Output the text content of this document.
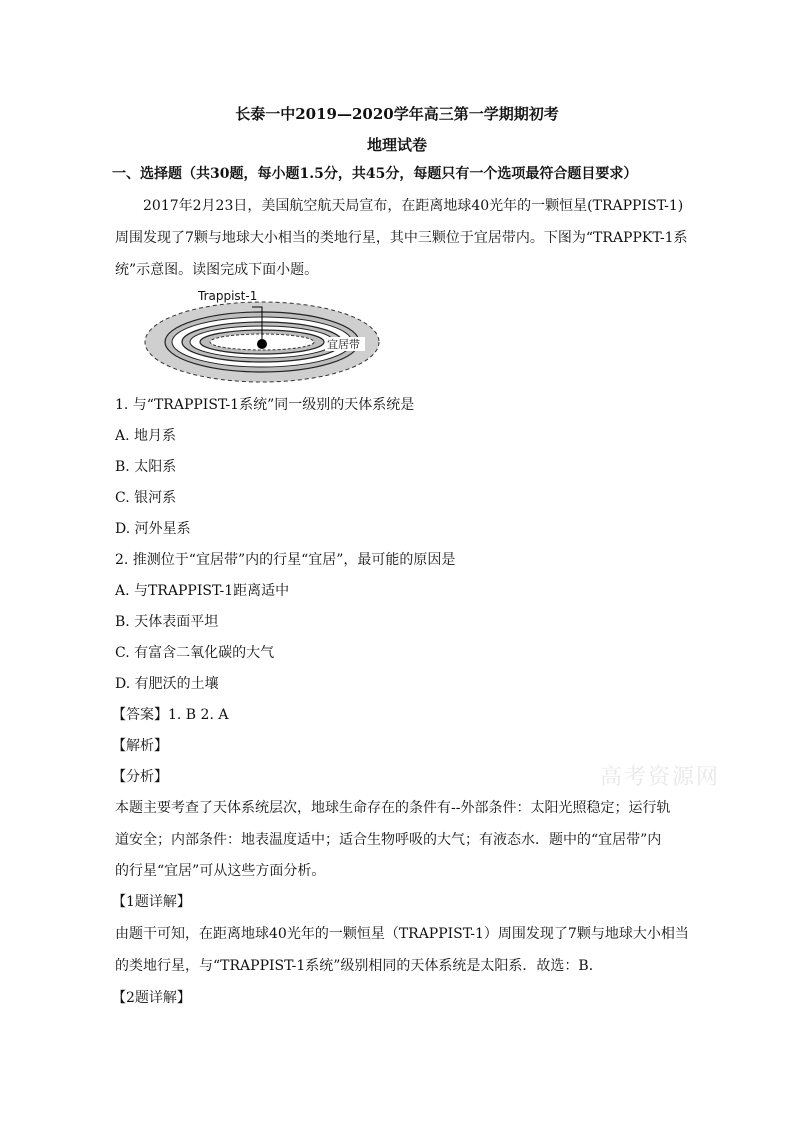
长泰一中2019—2020学年高三第一学期期初考
地理试卷
一、选择题（共30题，每小题1.5分，共45分，每题只有一个选项最符合题目要求）
2017年2月23日，美国航空航天局宣布，在距离地球40光年的一颗恒星(TRAPPIST-1)
周围发现了7颗与地球大小相当的类地行星，其中三颗位于宜居带内。下图为“TRAPPKT-1系
统”示意图。读图完成下面小题。
Trappist-1
宜居带
1. 与“TRAPPIST-1系统”同一级别的天体系统是
A. 地月系
B. 太阳系
C. 银河系
D. 河外星系
2. 推测位于“宜居带”内的行星“宜居”，最可能的原因是
A. 与TRAPPIST-1距离适中
B. 天体表面平坦
C. 有富含二氧化碳的大气
D. 有肥沃的土壤
【答案】1. B 2. A
【解析】
【分析】
本题主要考查了天体系统层次，地球生命存在的条件有--外部条件：太阳光照稳定；运行轨
道安全；内部条件：地表温度适中；适合生物呼吸的大气；有液态水．题中的“宜居带”内
的行星“宜居”可从这些方面分析。
【1题详解】
由题干可知，在距离地球40光年的一颗恒星（TRAPPIST-1）周围发现了7颗与地球大小相当
的类地行星，与“TRAPPIST-1系统”级别相同的天体系统是太阳系．故选：B．
【2题详解】
高考资源网
